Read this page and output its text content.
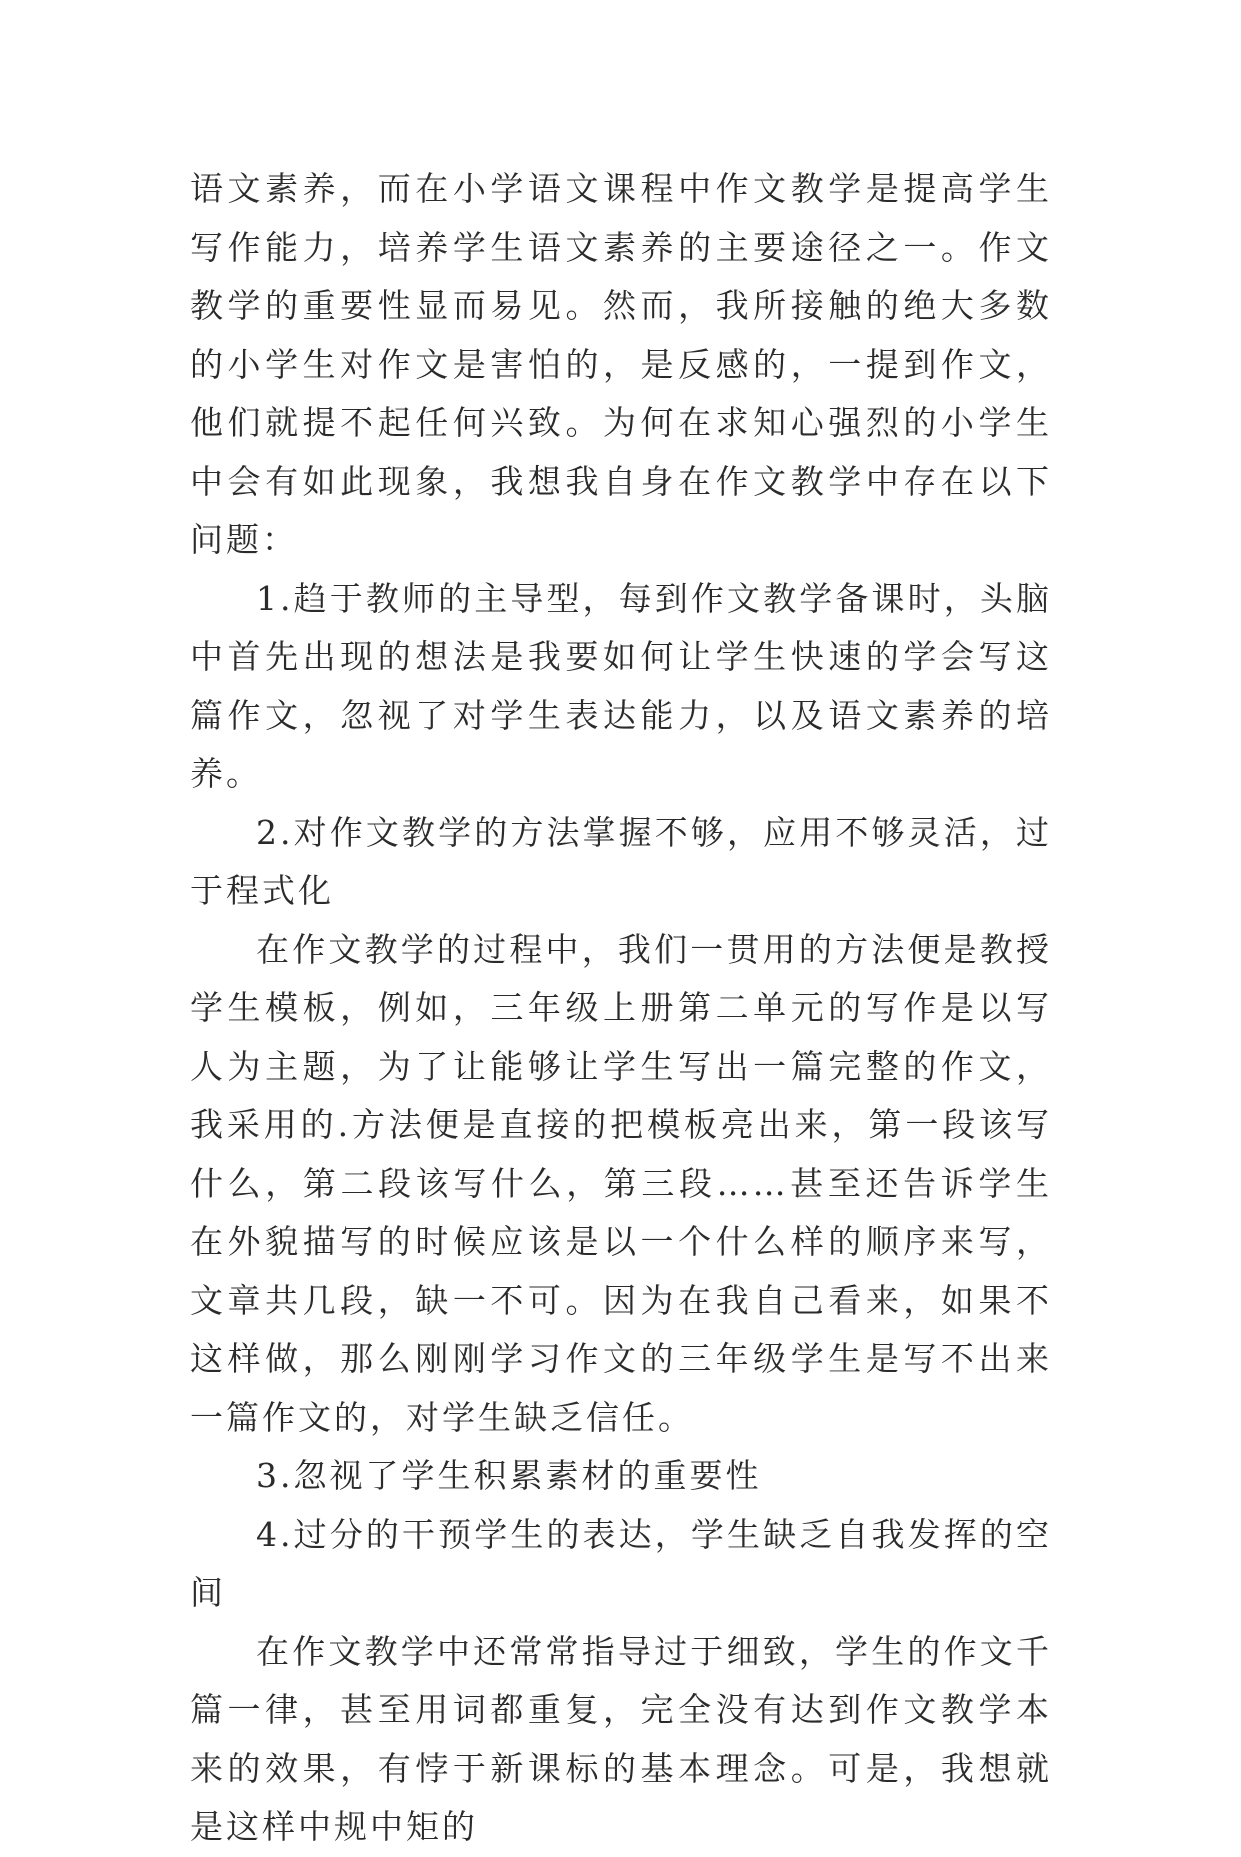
语文素养，而在小学语文课程中作文教学是提高学生写作能力，培养学生语文素养的主要途径之一。作文教学的重要性显而易见。然而，我所接触的绝大多数的小学生对作文是害怕的，是反感的，一提到作文，他们就提不起任何兴致。为何在求知心强烈的小学生中会有如此现象，我想我自身在作文教学中存在以下问题：

1.趋于教师的主导型，每到作文教学备课时，头脑中首先出现的想法是我要如何让学生快速的学会写这篇作文，忽视了对学生表达能力，以及语文素养的培养。

2.对作文教学的方法掌握不够，应用不够灵活，过于程式化

在作文教学的过程中，我们一贯用的方法便是教授学生模板，例如，三年级上册第二单元的写作是以写人为主题，为了让能够让学生写出一篇完整的作文，我采用的.方法便是直接的把模板亮出来，第一段该写什么，第二段该写什么，第三段……甚至还告诉学生在外貌描写的时候应该是以一个什么样的顺序来写，文章共几段，缺一不可。因为在我自己看来，如果不这样做，那么刚刚学习作文的三年级学生是写不出来一篇作文的，对学生缺乏信任。

3.忽视了学生积累素材的重要性

4.过分的干预学生的表达，学生缺乏自我发挥的空间

在作文教学中还常常指导过于细致，学生的作文千篇一律，甚至用词都重复，完全没有达到作文教学本来的效果，有悖于新课标的基本理念。可是，我想就是这样中规中矩的
